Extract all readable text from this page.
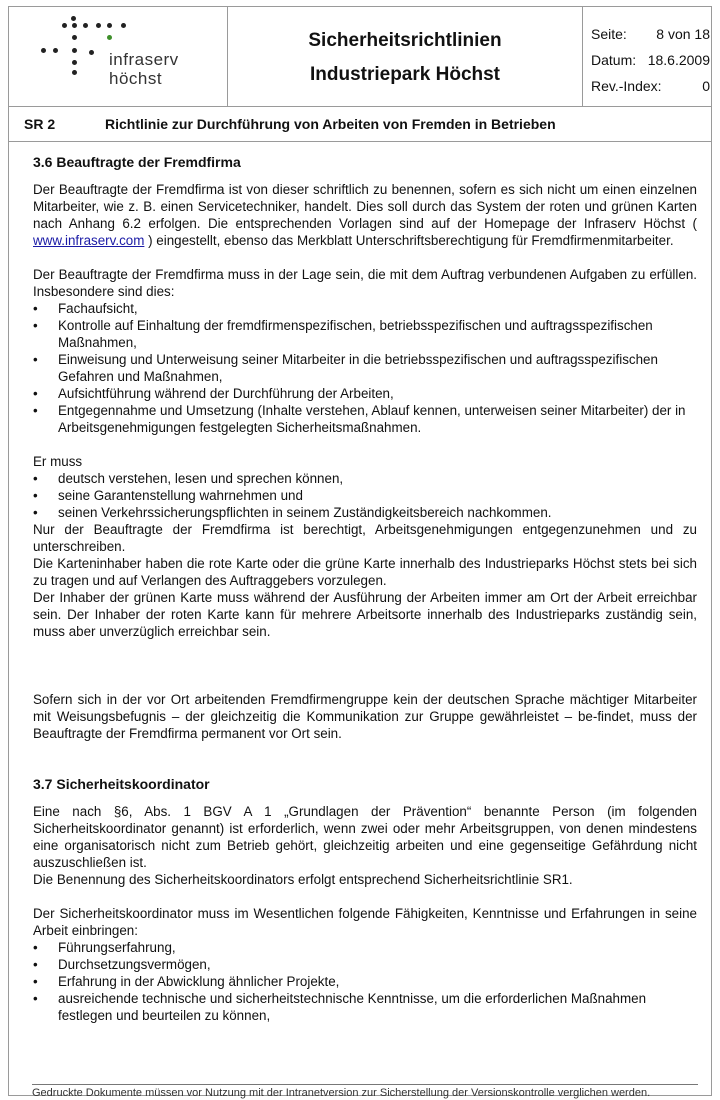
infraserv
höchst
Sicherheitsrichtlinien
Industriepark Höchst
Seite: 8 von 18
Datum: 18.6.2009
Rev.-Index:	0
SR 2	Richtlinie zur Durchführung von Arbeiten von Fremden in Betrieben
3.6 Beauftragte der Fremdfirma

Der Beauftragte der Fremdfirma ist von dieser schriftlich zu benennen, sofern es sich nicht um einen einzelnen Mitarbeiter, wie z. B. einen Servicetechniker, handelt. Dies soll durch das System der roten und grünen Karten nach Anhang 6.2 erfolgen. Die entsprechenden Vorlagen sind auf der Homepage der Infraserv Höchst ( www.infraserv.com ) eingestellt, ebenso das Merkblatt Unterschriftsberechtigung für Fremdfirmenmitarbeiter.

Der Beauftragte der Fremdfirma muss in der Lage sein, die mit dem Auftrag verbundenen Aufgaben zu erfüllen. Insbesondere sind dies:

• Fachaufsicht,
• Kontrolle auf Einhaltung der fremdfirmenspezifischen, betriebsspezifischen und auftragsspezifischen Maßnahmen,
• Einweisung und Unterweisung seiner Mitarbeiter in die betriebsspezifischen und auftragsspezifischen Gefahren und Maßnahmen,
• Aufsichtführung während der Durchführung der Arbeiten,
• Entgegennahme und Umsetzung (Inhalte verstehen, Ablauf kennen, unterweisen seiner Mitarbeiter) der in Arbeitsgenehmigungen festgelegten Sicherheitsmaßnahmen.

Er muss

• deutsch verstehen, lesen und sprechen können,
• seine Garantenstellung wahrnehmen und
• seinen Verkehrssicherungspflichten in seinem Zuständigkeitsbereich nachkommen.

Nur der Beauftragte der Fremdfirma ist berechtigt, Arbeitsgenehmigungen entgegenzunehmen und zu unterschreiben.

Die Karteninhaber haben die rote Karte oder die grüne Karte innerhalb des Industrieparks Höchst stets bei sich zu tragen und auf Verlangen des Auftraggebers vorzulegen.

Der Inhaber der grünen Karte muss während der Ausführung der Arbeiten immer am Ort der Arbeit erreichbar sein. Der Inhaber der roten Karte kann für mehrere Arbeitsorte innerhalb des Industrieparks zuständig sein, muss aber unverzüglich erreichbar sein.

Sofern sich in der vor Ort arbeitenden Fremdfirmengruppe kein der deutschen Sprache mächtiger Mitarbeiter mit Weisungsbefugnis – der gleichzeitig die Kommunikation zur Gruppe gewährleistet – be-findet, muss der Beauftragte der Fremdfirma permanent vor Ort sein.

3.7 Sicherheitskoordinator

Eine nach §6, Abs. 1 BGV A 1 „Grundlagen der Prävention“ benannte Person (im folgenden Sicherheitskoordinator genannt) ist erforderlich, wenn zwei oder mehr Arbeitsgruppen, von denen mindestens eine organisatorisch nicht zum Betrieb gehört, gleichzeitig arbeiten und eine gegenseitige Gefährdung nicht auszuschließen ist.

Die Benennung des Sicherheitskoordinators erfolgt entsprechend Sicherheitsrichtlinie SR1.

Der Sicherheitskoordinator muss im Wesentlichen folgende Fähigkeiten, Kenntnisse und Erfahrungen in seine Arbeit einbringen:

• Führungserfahrung,
• Durchsetzungsvermögen,
• Erfahrung in der Abwicklung ähnlicher Projekte,
• ausreichende technische und sicherheitstechnische Kenntnisse, um die erforderlichen Maßnahmen festlegen und beurteilen zu können,
Gedruckte Dokumente müssen vor Nutzung mit der Intranetversion zur Sicherstellung der Versionskontrolle verglichen werden.
